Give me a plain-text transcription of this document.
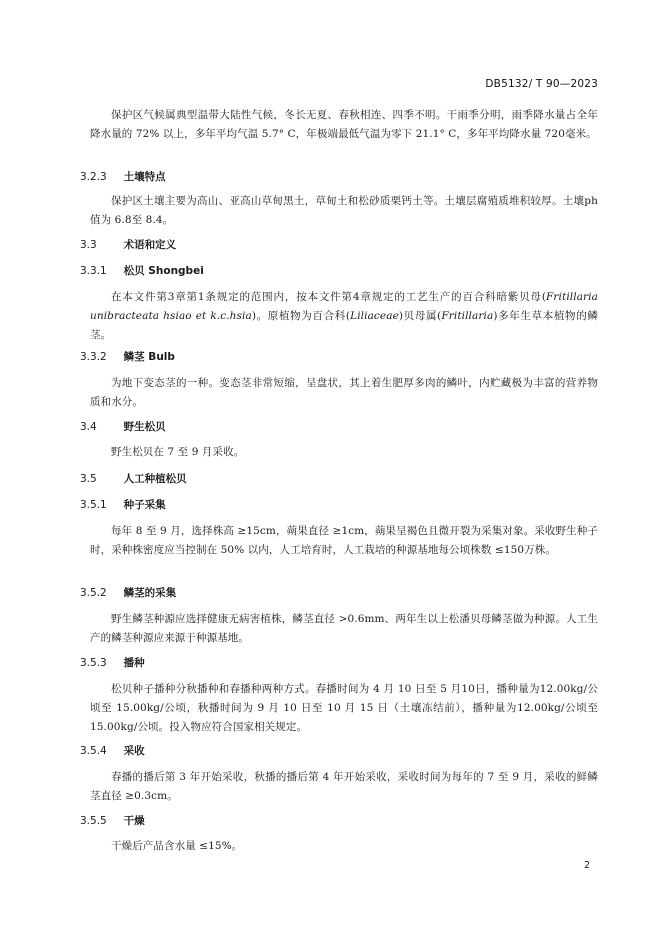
DB5132/ T 90—2023

保护区气候属典型温带大陆性气候，冬长无夏、春秋相连、四季不明。干雨季分明，雨季降水量占全年降水量的 72% 以上，多年平均气温 5.7° C，年极端最低气温为零下 21.1° C，多年平均降水量 720毫米。

3.2.3 土壤特点

保护区土壤主要为高山、亚高山草甸黑土，草甸土和松砂质栗钙土等。土壤层腐殖质堆积较厚。土壤ph值为 6.8至 8.4。

3.3	术语和定义

3.3.1 松贝 Shongbei

在本文件第3章第1条规定的范围内，按本文件第4章规定的工艺生产的百合科暗紫贝母(Fritillaria unibracteata hsiao et k.c.hsia)。原植物为百合科(Liliaceae)贝母属(Fritillaria)多年生草本植物的鳞茎。

3.3.2 鳞茎 Bulb

为地下变态茎的一种。变态茎非常短缩，呈盘状，其上着生肥厚多肉的鳞叶，内贮藏极为丰富的营养物质和水分。

3.4	野生松贝

野生松贝在 7 至 9 月采收。

3.5	人工种植松贝

3.5.1 种子采集

每年 8 至 9 月，选择株高 ≥15cm，蒴果直径 ≥1cm，蒴果呈褐色且微开裂为采集对象。采收野生种子时，采种株密度应当控制在 50% 以内，人工培育时，人工栽培的种源基地每公顷株数 ≤150万株。

3.5.2 鳞茎的采集

野生鳞茎种源应选择健康无病害植株，鳞茎直径 >0.6mm、两年生以上松潘贝母鳞茎做为种源。人工生产的鳞茎种源应来源于种源基地。

3.5.3 播种

松贝种子播种分秋播种和春播种两种方式。春播时间为 4 月 10 日至 5 月10日，播种量为12.00kg/公顷至 15.00kg/公顷，秋播时间为 9 月 10 日至 10 月 15 日（土壤冻结前），播种量为12.00kg/公顷至 15.00kg/公顷。投入物应符合国家相关规定。

3.5.4 采收

春播的播后第 3 年开始采收，秋播的播后第 4 年开始采收，采收时间为每年的 7 至 9 月，采收的鲜鳞茎直径 ≥0.3cm。

3.5.5 干燥

干燥后产品含水量 ≤15%。

2
